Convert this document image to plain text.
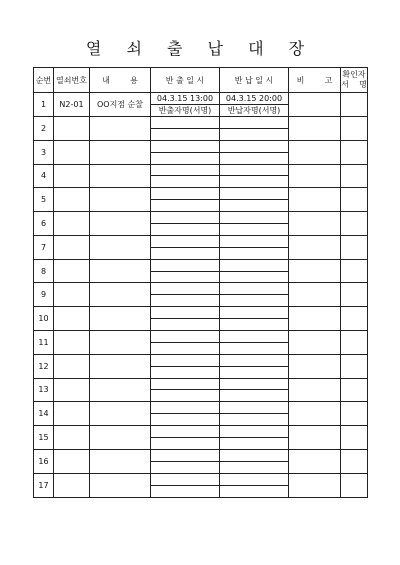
열 쇠 출 납 대 장
순번	열쇠번호	내        용	반 출 일 시	반 납 일 시	비        고	확인자
서    명

1	N2-01	OO지점 순찰	04.3.15 13:00	04.3.15 20:00		
			반출자명(서명)	반납자명(서명)		
2						

3						

4						

5						

6						

7						

8						

9						

10						

11						

12						

13						

14						

15						

16						

17						
